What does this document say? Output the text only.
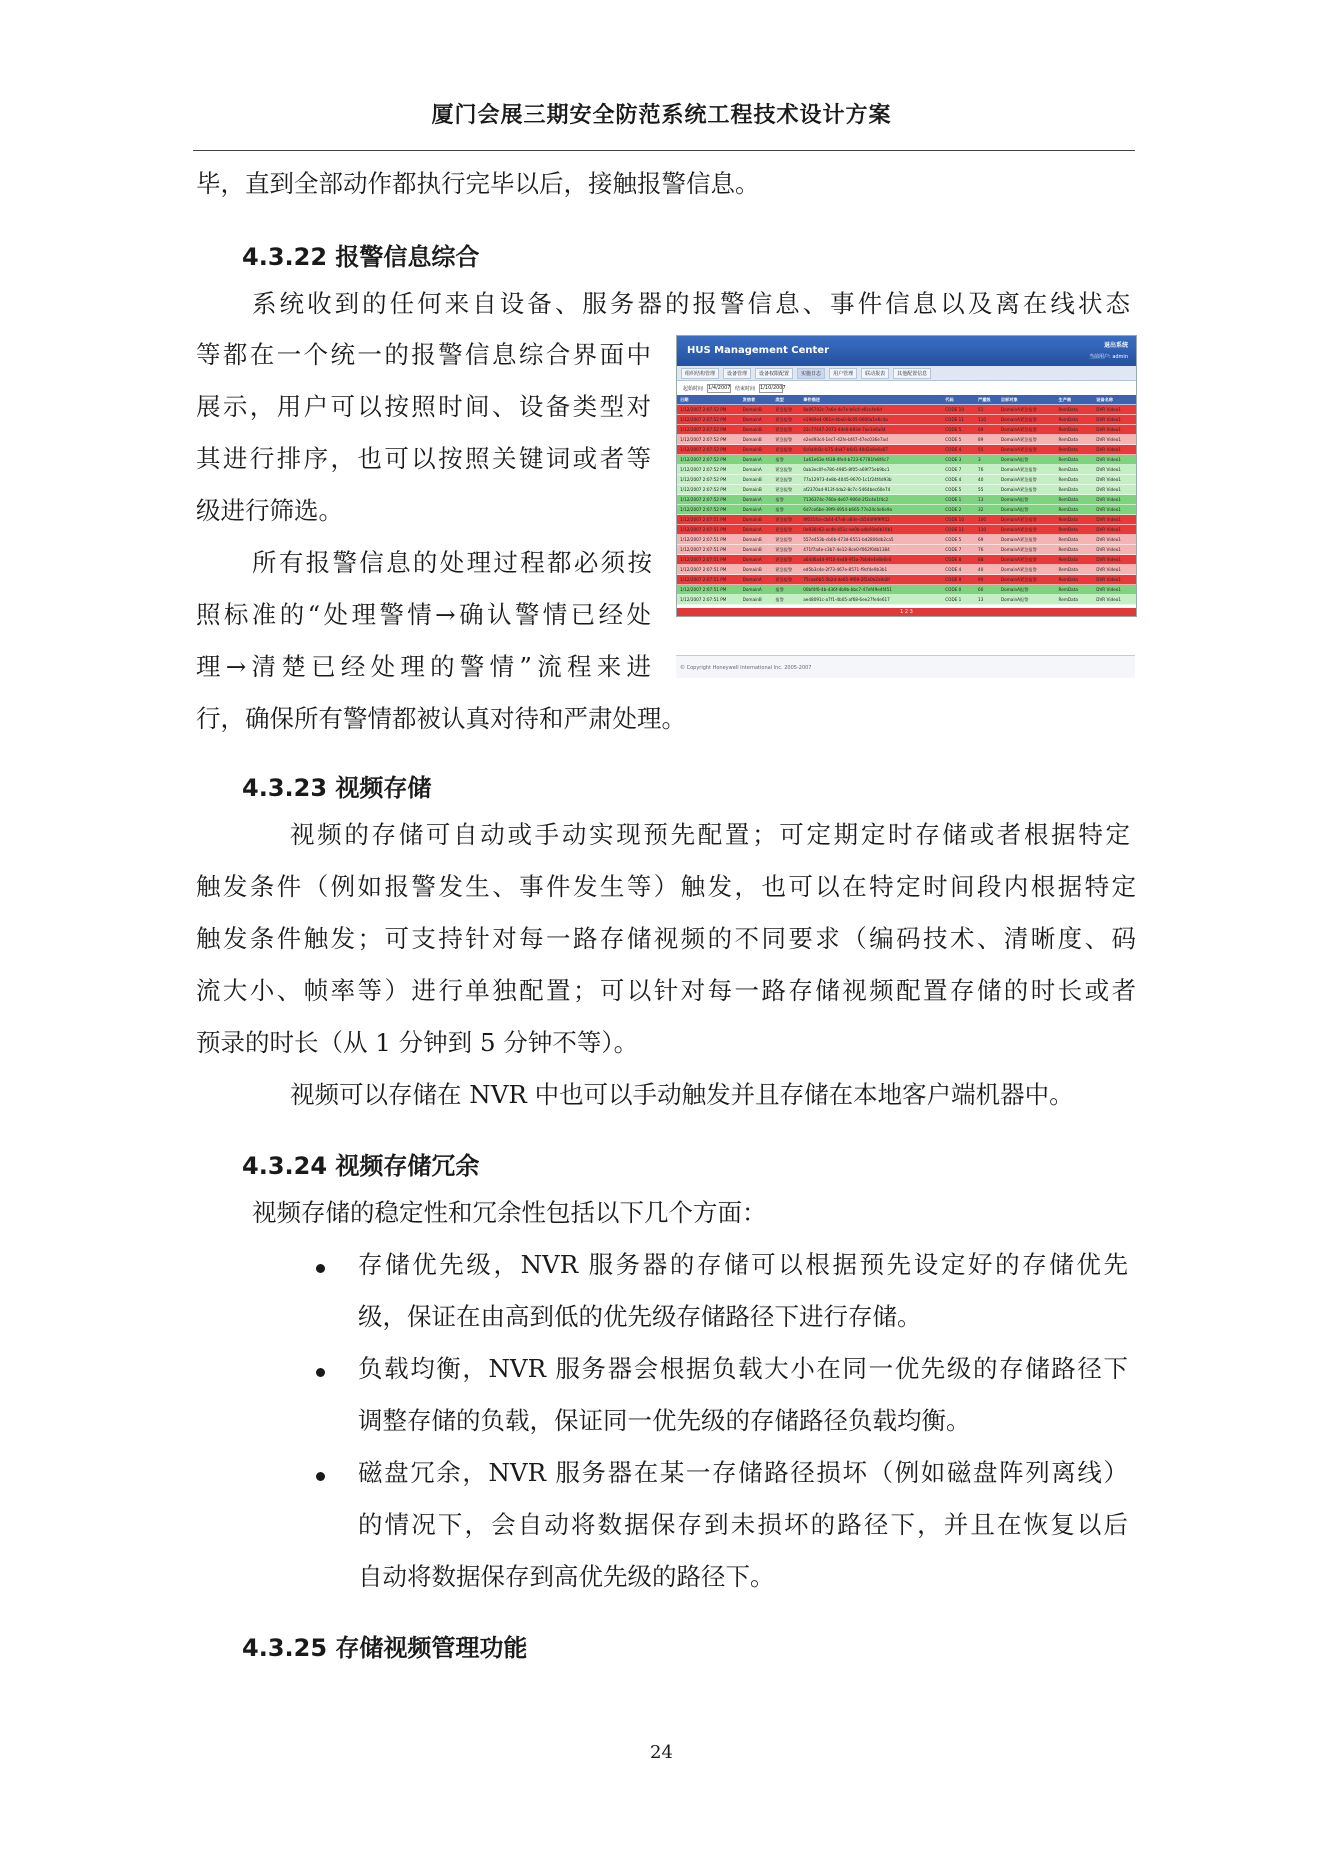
厦门会展三期安全防范系统工程技术设计方案
毕，直到全部动作都执行完毕以后，接触报警信息。
4.3.22 报警信息综合
系统收到的任何来自设备、服务器的报警信息、事件信息以及离在线状态
等都在一个统一的报警信息综合界面中
展示，用户可以按照时间、设备类型对
其进行排序，也可以按照关键词或者等
级进行筛选。
所有报警信息的处理过程都必须按
照标准的“处理警情→确认警情已经处
理→清楚已经处理的警情”流程来进
行，确保所有警情都被认真对待和严肃处理。
HUS Management Center	退出系统
当前用户: admin
组织结构管理	设备管理	设备权限配置	实施日志	用户管理	联动报表	其他配置信息
起始时间 1/4/2007 结束时间 1/10/2007
日期	发信者	类型	事件描述	代码	严重级	目标对象	生产商	设备名称
1/12/2007 2:07:52 PM	DomainB	紧急报警	8a06702c-7a6e-4e7e-b6c4-e6cc4e6d	CODE 10	51	DomainA紧急报警	RemData	DVR Video1
1/12/2007 2:07:52 PM	DomainA	紧急报警	e1980e4-061e-4ba0-8c05-0600a1e6c4a	CODE 11	110	DomainA紧急报警	RemData	DVR Video1
1/12/2007 2:07:52 PM	DomainB	紧急报警	22c77447-2073-4de6-b93d-7ae1e6a04	CODE 5	69	DomainA紧急报警	RemData	DVR Video1
1/12/2007 2:07:52 PM	DomainB	紧急报警	e2ed93c4-1ec7-42fe-bf47-47ec036e7ad	CODE 5	89	DomainA紧急报警	RemData	DVR Video1
1/12/2007 2:07:52 PM	DomainB	紧急报警	6c0a4d3c-b75-4a47-b6d1-40d2e8e6a07	CODE 4	55	DomainA紧急报警	RemData	DVR Video1
1/12/2007 2:07:52 PM	DomainA	报警	1a61e63e-f438-4fe4-b723-67781fe8f4c7	CODE 3	3	DomainA报警	RemData	DVR Video1
1/12/2007 2:07:52 PM	DomainA	紧急报警	0ab3ec0f-e786-4985-8f05-a69f75eb9bc1	CODE 7	76	DomainA紧急报警	RemData	DVR Video1
1/12/2007 2:07:52 PM	DomainB	紧急报警	77a12973-4e8b-4045-9670-1c1f24f4d93b	CODE 4	40	DomainA紧急报警	RemData	DVR Video1
1/12/2007 2:07:52 PM	DomainB	紧急报警	af2370ad-913f-4da2-8c7c-5464bec60e74	CODE 5	55	DomainA紧急报警	RemData	DVR Video1
1/12/2007 2:07:52 PM	DomainA	报警	7136374c-760a-4e07-906d-2f2c4e1f4c2	CODE 1	13	DomainA报警	RemData	DVR Video1
1/12/2007 2:07:52 PM	DomainA	报警	6d7ce6be-39f9-4954-b665-77e24c4e6e9a	CODE 2	32	DomainA报警	RemData	DVR Video1
1/12/2007 2:07:51 PM	DomainB	紧急报警	9f031fce-cb44-47e8-a84e-c6544f9f9f952	CODE 10	100	DomainA紧急报警	RemData	DVR Video1
1/12/2007 2:07:51 PM	DomainA	紧急报警	0e930c62-acdb-451c-ae0b-a4b91b6b10b1	CODE 11	110	DomainA紧急报警	RemData	DVR Video1
1/12/2007 2:07:51 PM	DomainB	紧急报警	557e453b-cb0b-473d-8551-bd2806db2ca5	CODE 5	69	DomainA紧急报警	RemData	DVR Video1
1/12/2007 2:07:51 PM	DomainB	紧急报警	471f7a4e-c3b7-4e12-8ce0-f062f0db1384	CODE 7	76	DomainA紧急报警	RemData	DVR Video1
1/12/2007 2:07:51 PM	DomainA	紧急报警	a64d6a4d-9f10-4e48-9f3a-7bb4e4e8e6e0	CODE 8	88	DomainA紧急报警	RemData	DVR Video1
1/12/2007 2:07:51 PM	DomainB	紧急报警	ed5b3c4e-2f73-467e-8571-f9cf4e9b3b1	CODE 4	40	DomainA紧急报警	RemData	DVR Video1
1/12/2007 2:07:51 PM	DomainA	紧急报警	75cae6b5-5b2d-4e65-9f69-2f2a0e2a9a0f	CODE 9	90	DomainA紧急报警	RemData	DVR Video1
1/12/2007 2:07:51 PM	DomainA	报警	00bf4f0-4b-436f-4b9b-bbc7-47ef49e4f451	CODE 0	60	DomainA报警	RemData	DVR Video1
1/12/2007 2:07:51 PM	DomainB	报警	ae48091c-a7f1-4b05-af68-6ee27fe4e617	CODE 1	13	DomainA报警	RemData	DVR Video1
1 2 3
© Copyright Honeywell International Inc. 2005-2007
4.3.23 视频存储
视频的存储可自动或手动实现预先配置；可定期定时存储或者根据特定
触发条件（例如报警发生、事件发生等）触发，也可以在特定时间段内根据特定
触发条件触发；可支持针对每一路存储视频的不同要求（编码技术、清晰度、码
流大小、帧率等）进行单独配置；可以针对每一路存储视频配置存储的时长或者
预录的时长（从 1 分钟到 5 分钟不等）。
视频可以存储在 NVR 中也可以手动触发并且存储在本地客户端机器中。
4.3.24 视频存储冗余
视频存储的稳定性和冗余性包括以下几个方面：
存储优先级，NVR 服务器的存储可以根据预先设定好的存储优先
级，保证在由高到低的优先级存储路径下进行存储。
负载均衡，NVR 服务器会根据负载大小在同一优先级的存储路径下
调整存储的负载，保证同一优先级的存储路径负载均衡。
磁盘冗余，NVR 服务器在某一存储路径损坏（例如磁盘阵列离线）
的情况下，会自动将数据保存到未损坏的路径下，并且在恢复以后
自动将数据保存到高优先级的路径下。
4.3.25 存储视频管理功能
24
